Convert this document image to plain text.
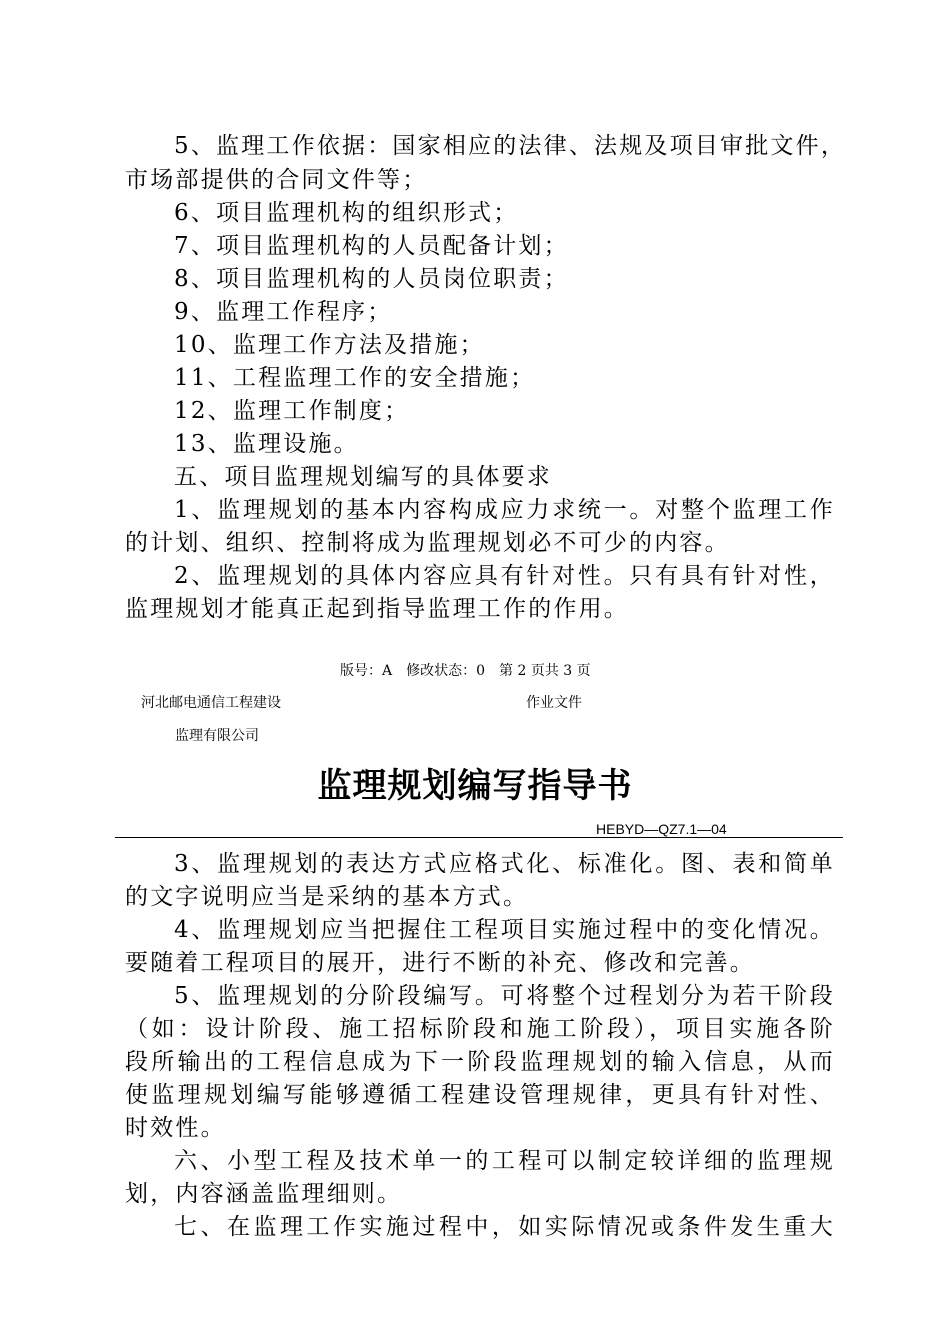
5、监理工作依据：国家相应的法律、法规及项目审批文件，
市场部提供的合同文件等；
6、项目监理机构的组织形式；
7、项目监理机构的人员配备计划；
8、项目监理机构的人员岗位职责；
9、监理工作程序；
10、监理工作方法及措施；
11、工程监理工作的安全措施；
12、监理工作制度；
13、监理设施。
五、项目监理规划编写的具体要求
1、监理规划的基本内容构成应力求统一。对整个监理工作
的计划、组织、控制将成为监理规划必不可少的内容。
2、监理规划的具体内容应具有针对性。只有具有针对性，
监理规划才能真正起到指导监理工作的作用。
版号：A　修改状态：0　第 2 页共 3 页
河北邮电通信工程建设	作业文件
监理有限公司
监理规划编写指导书
HEBYD—QZ7.1—04
3、监理规划的表达方式应格式化、标准化。图、表和简单
的文字说明应当是采纳的基本方式。
4、监理规划应当把握住工程项目实施过程中的变化情况。
要随着工程项目的展开，进行不断的补充、修改和完善。
5、监理规划的分阶段编写。可将整个过程划分为若干阶段
（如：设计阶段、施工招标阶段和施工阶段），项目实施各阶
段所输出的工程信息成为下一阶段监理规划的输入信息，从而
使监理规划编写能够遵循工程建设管理规律，更具有针对性、
时效性。
六、小型工程及技术单一的工程可以制定较详细的监理规
划，内容涵盖监理细则。
七、在监理工作实施过程中，如实际情况或条件发生重大
